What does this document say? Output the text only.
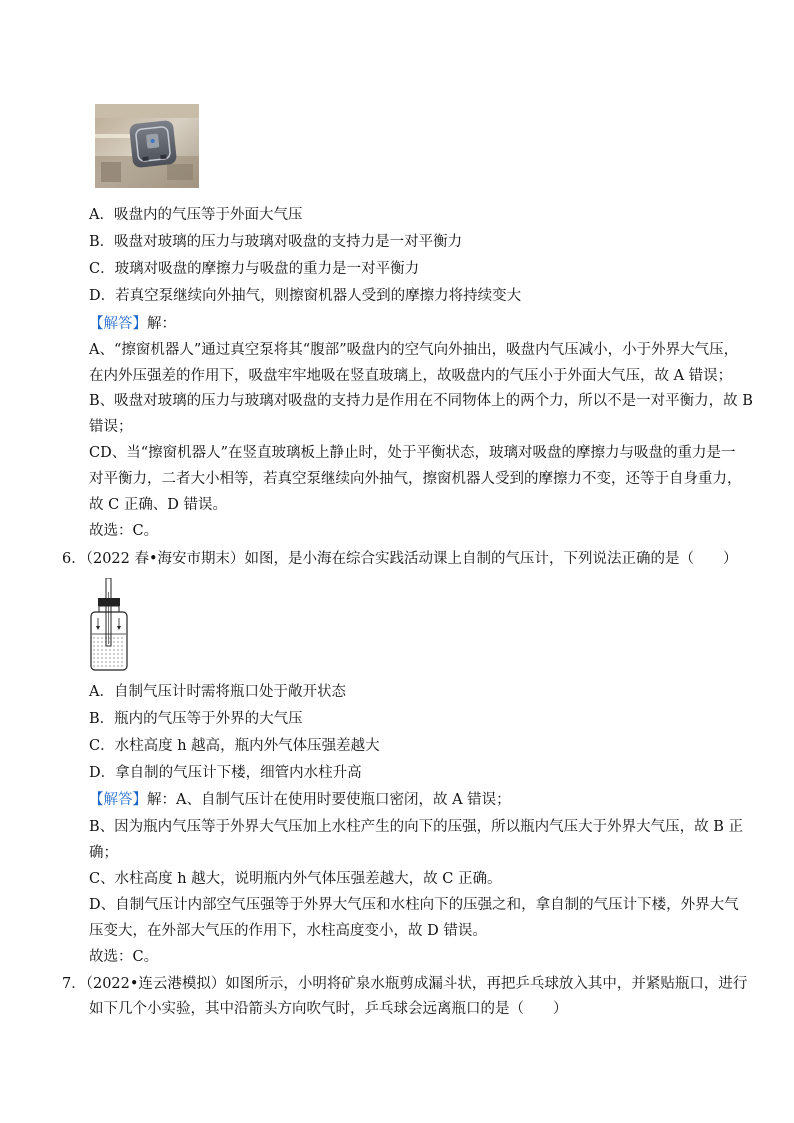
A．吸盘内的气压等于外面大气压
B．吸盘对玻璃的压力与玻璃对吸盘的支持力是一对平衡力
C．玻璃对吸盘的摩擦力与吸盘的重力是一对平衡力
D．若真空泵继续向外抽气，则擦窗机器人受到的摩擦力将持续变大
【解答】解：
A、“擦窗机器人”通过真空泵将其“腹部”吸盘内的空气向外抽出，吸盘内气压减小，小于外界大气压，
在内外压强差的作用下，吸盘牢牢地吸在竖直玻璃上，故吸盘内的气压小于外面大气压，故 A 错误；
B、吸盘对玻璃的压力与玻璃对吸盘的支持力是作用在不同物体上的两个力，所以不是一对平衡力，故 B
错误；
CD、当“擦窗机器人”在竖直玻璃板上静止时，处于平衡状态，玻璃对吸盘的摩擦力与吸盘的重力是一
对平衡力，二者大小相等，若真空泵继续向外抽气，擦窗机器人受到的摩擦力不变，还等于自身重力，
故 C 正确、D 错误。
故选：C。
6．（2022 春•海安市期末）如图，是小海在综合实践活动课上自制的气压计，下列说法正确的是（　　）
A．自制气压计时需将瓶口处于敞开状态
B．瓶内的气压等于外界的大气压
C．水柱高度 h 越高，瓶内外气体压强差越大
D．拿自制的气压计下楼，细管内水柱升高
【解答】解：A、自制气压计在使用时要使瓶口密闭，故 A 错误；
B、因为瓶内气压等于外界大气压加上水柱产生的向下的压强，所以瓶内气压大于外界大气压，故 B 正
确；
C、水柱高度 h 越大，说明瓶内外气体压强差越大，故 C 正确。
D、自制气压计内部空气压强等于外界大气压和水柱向下的压强之和，拿自制的气压计下楼，外界大气
压变大，在外部大气压的作用下，水柱高度变小，故 D 错误。
故选：C。
7．（2022•连云港模拟）如图所示，小明将矿泉水瓶剪成漏斗状，再把乒乓球放入其中，并紧贴瓶口，进行
如下几个小实验，其中沿箭头方向吹气时，乒乓球会远离瓶口的是（　　）
